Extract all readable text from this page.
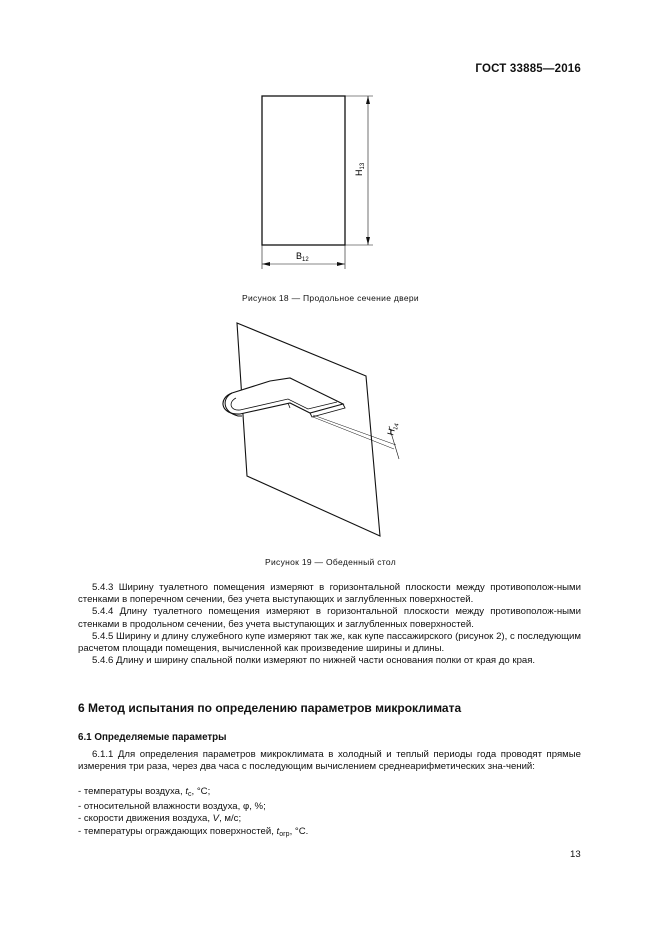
ГОСТ 33885—2016
$H_{13}$
$B_{12}$
Рисунок 18 — Продольное сечение двери
$H_{14}$
Рисунок 19 — Обеденный стол

5.4.3 Ширину туалетного помещения измеряют в горизонтальной плоскости между противополож-ными стенками в поперечном сечении, без учета выступающих и заглубленных поверхностей.

5.4.4 Длину туалетного помещения измеряют в горизонтальной плоскости между противополож-ными стенками в продольном сечении, без учета выступающих и заглубленных поверхностей.

5.4.5 Ширину и длину служебного купе измеряют так же, как купе пассажирского (рисунок 2), с последующим расчетом площади помещения, вычисленной как произведение ширины и длины.

5.4.6 Длину и ширину спальной полки измеряют по нижней части основания полки от края до края.

6 Метод испытания по определению параметров микроклимата
6.1 Определяемые параметры

6.1.1 Для определения параметров микроклимата в холодный и теплый периоды года проводят прямые измерения три раза, через два часа с последующим вычислением среднеарифметических зна-чений:

- температуры воздуха, $t_c$, °C;
- относительной влажности воздуха, φ, %;
- скорости движения воздуха, V, м/с;
- температуры ограждающих поверхностей, $t_{огр}$, °C.
13
